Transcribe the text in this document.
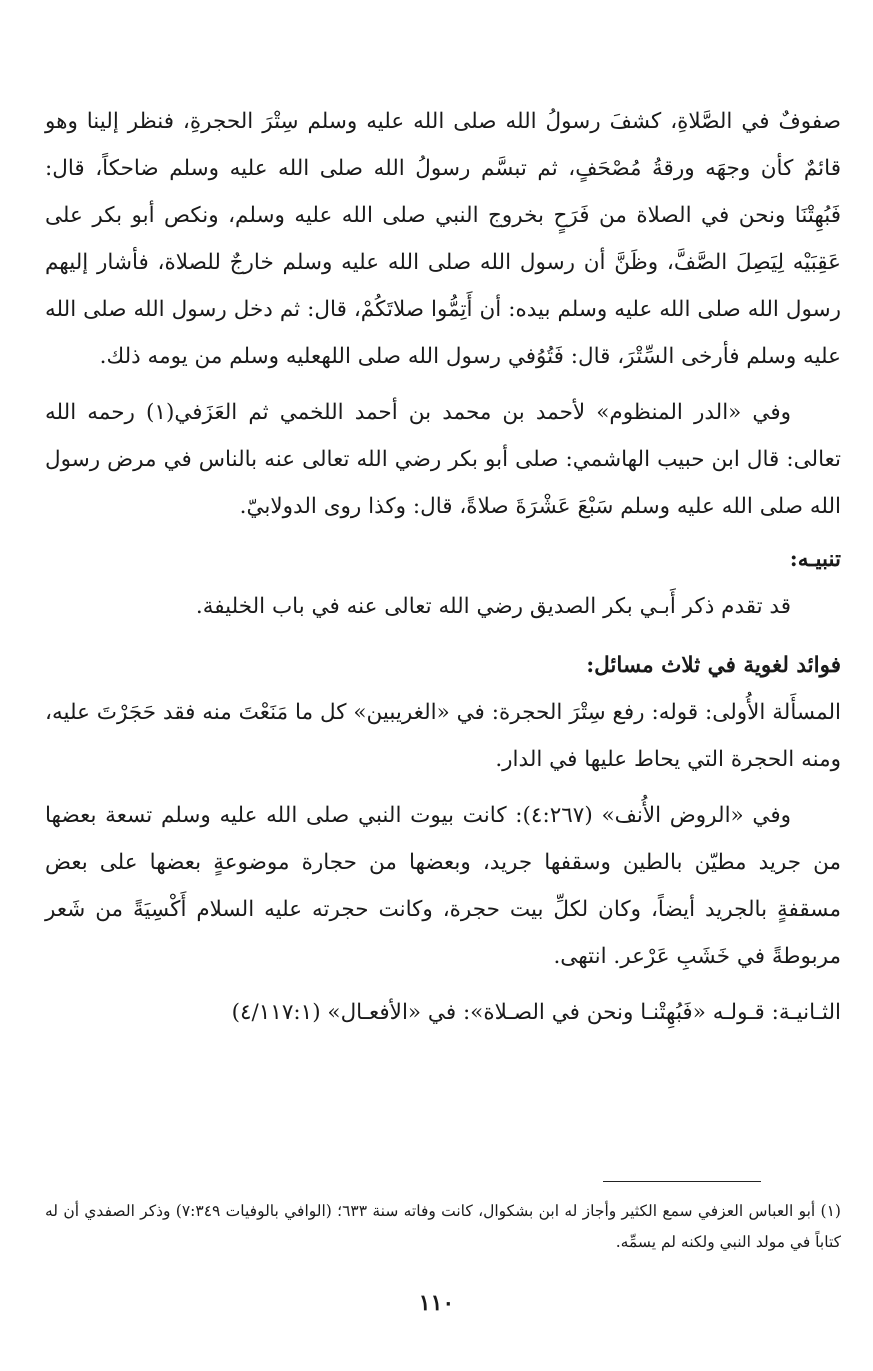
صفوفٌ في الصَّلاةِ، كشفَ رسولُ الله صلى الله عليه وسلم سِتْرَ الحجرةِ، فنظر إلينا وهو قائمٌ كأن وجهَه ورقةُ مُصْحَفٍ، ثم تبسَّم رسولُ الله صلى الله عليه وسلم ضاحكاً، قال: فَبُهِتْنَا ونحن في الصلاة من فَرَحٍ بخروج النبي صلى الله عليه وسلم، ونكص أبو بكر على عَقِبَيْه لِيَصِلَ الصَّفَّ، وظَنَّ أن رسول الله صلى الله عليه وسلم خارجٌ للصلاة، فأشار إليهم رسول الله صلى الله عليه وسلم بيده: أن أَتِمُّوا صلاتَكُمْ، قال: ثم دخل رسول الله صلى الله عليه وسلم فأرخى السِّتْرَ، قال: فَتُوُفي رسول الله صلى اللهعليه وسلم من يومه ذلك.

وفي «الدر المنظوم» لأحمد بن محمد بن أحمد اللخمي ثم العَزَفي(١) رحمه الله تعالى: قال ابن حبيب الهاشمي: صلى أبو بكر رضي الله تعالى عنه بالناس في مرض رسول الله صلى الله عليه وسلم سَبْعَ عَشْرَةَ صلاةً، قال: وكذا روى الدولابيّ.

تنبيـه:

قد تقدم ذكر أَبـي بكر الصديق رضي الله تعالى عنه في باب الخليفة.

فوائد لغوية في ثلاث مسائل:

المسأَلة الأُولى: قوله: رفع سِتْرَ الحجرة: في «الغريبين» كل ما مَنَعْتَ منه فقد حَجَرْتَ عليه، ومنه الحجرة التي يحاط عليها في الدار.

وفي «الروض الأُنف» (٤:٢٦٧): كانت بيوت النبي صلى الله عليه وسلم تسعة بعضها من جريد مطيّن بالطين وسقفها جريد، وبعضها من حجارة موضوعةٍ بعضها على بعض مسقفةٍ بالجريد أيضاً، وكان لكلِّ بيت حجرة، وكانت حجرته عليه السلام أَكْسِيَةً من شَعر مربوطةً في خَشَبِ عَرْعر. انتهى.

الثـانيـة: قـولـه «فَبُهِتْنـا ونحن في الصـلاة»: في «الأفعـال» (٤/١١٧:١)

(١) أبو العباس العزفي سمع الكثير وأجاز له ابن بشكوال، كانت وفاته سنة ٦٣٣؛ (الوافي بالوفيات ٧:٣٤٩) وذكر الصفدي أن له كتاباً في مولد النبي ولكنه لم يسمِّه.
١١٠
